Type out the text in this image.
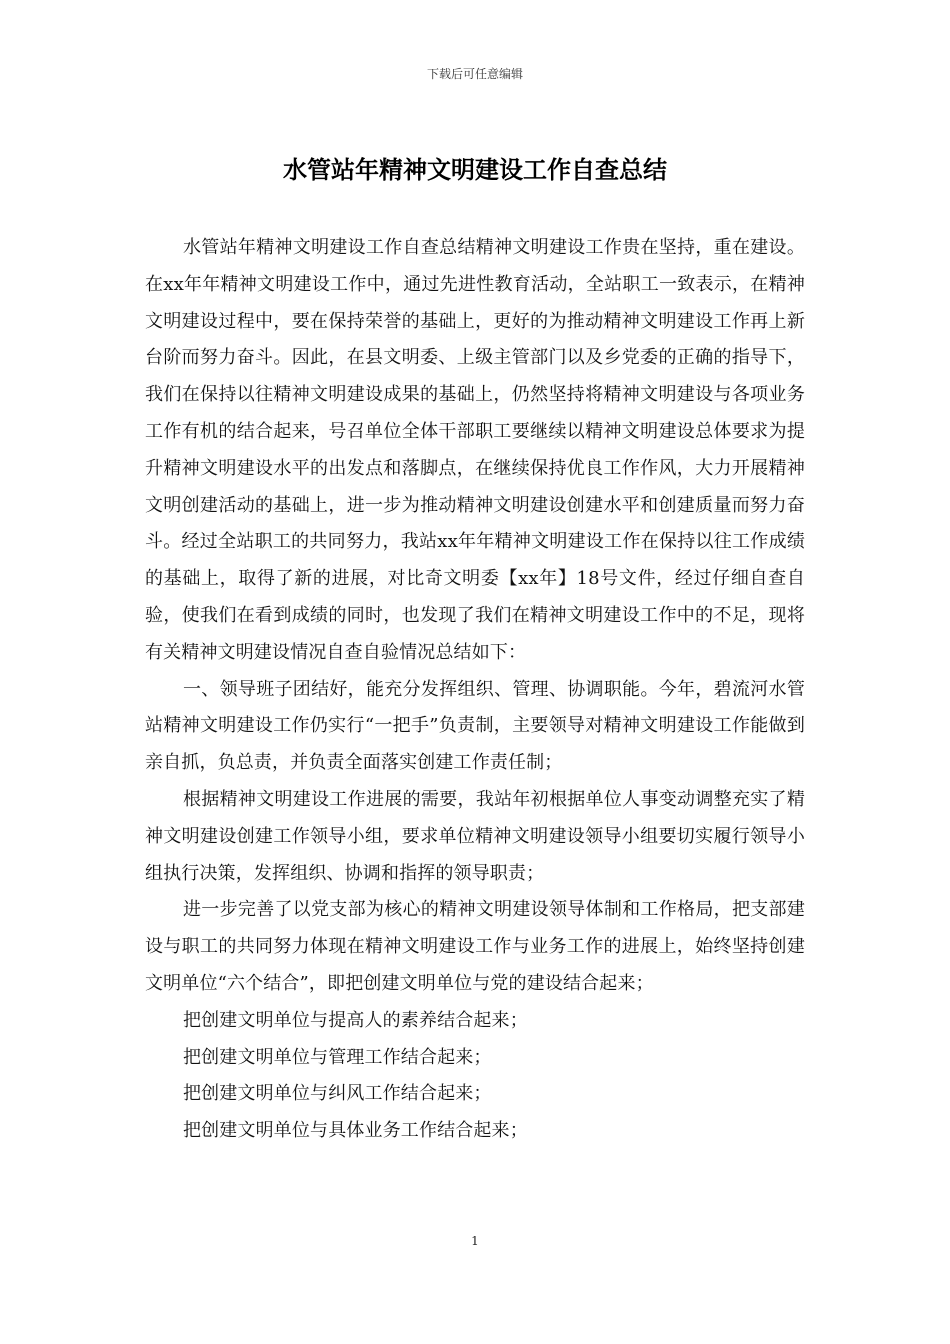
下载后可任意编辑
水管站年精神文明建设工作自查总结

水管站年精神文明建设工作自查总结精神文明建设工作贵在坚持，重在建设。在xx年年精神文明建设工作中，通过先进性教育活动，全站职工一致表示，在精神文明建设过程中，要在保持荣誉的基础上，更好的为推动精神文明建设工作再上新台阶而努力奋斗。因此，在县文明委、上级主管部门以及乡党委的正确的指导下，我们在保持以往精神文明建设成果的基础上，仍然坚持将精神文明建设与各项业务工作有机的结合起来，号召单位全体干部职工要继续以精神文明建设总体要求为提升精神文明建设水平的出发点和落脚点，在继续保持优良工作作风，大力开展精神文明创建活动的基础上，进一步为推动精神文明建设创建水平和创建质量而努力奋斗。经过全站职工的共同努力，我站xx年年精神文明建设工作在保持以往工作成绩的基础上，取得了新的进展，对比奇文明委【xx年】18号文件，经过仔细自查自验，使我们在看到成绩的同时，也发现了我们在精神文明建设工作中的不足，现将有关精神文明建设情况自查自验情况总结如下：

一、领导班子团结好，能充分发挥组织、管理、协调职能。今年，碧流河水管站精神文明建设工作仍实行“一把手”负责制，主要领导对精神文明建设工作能做到亲自抓，负总责，并负责全面落实创建工作责任制；

根据精神文明建设工作进展的需要，我站年初根据单位人事变动调整充实了精神文明建设创建工作领导小组，要求单位精神文明建设领导小组要切实履行领导小组执行决策，发挥组织、协调和指挥的领导职责；

进一步完善了以党支部为核心的精神文明建设领导体制和工作格局，把支部建设与职工的共同努力体现在精神文明建设工作与业务工作的进展上，始终坚持创建文明单位“六个结合”，即把创建文明单位与党的建设结合起来；

把创建文明单位与提高人的素养结合起来；

把创建文明单位与管理工作结合起来；

把创建文明单位与纠风工作结合起来；

把创建文明单位与具体业务工作结合起来；

1
